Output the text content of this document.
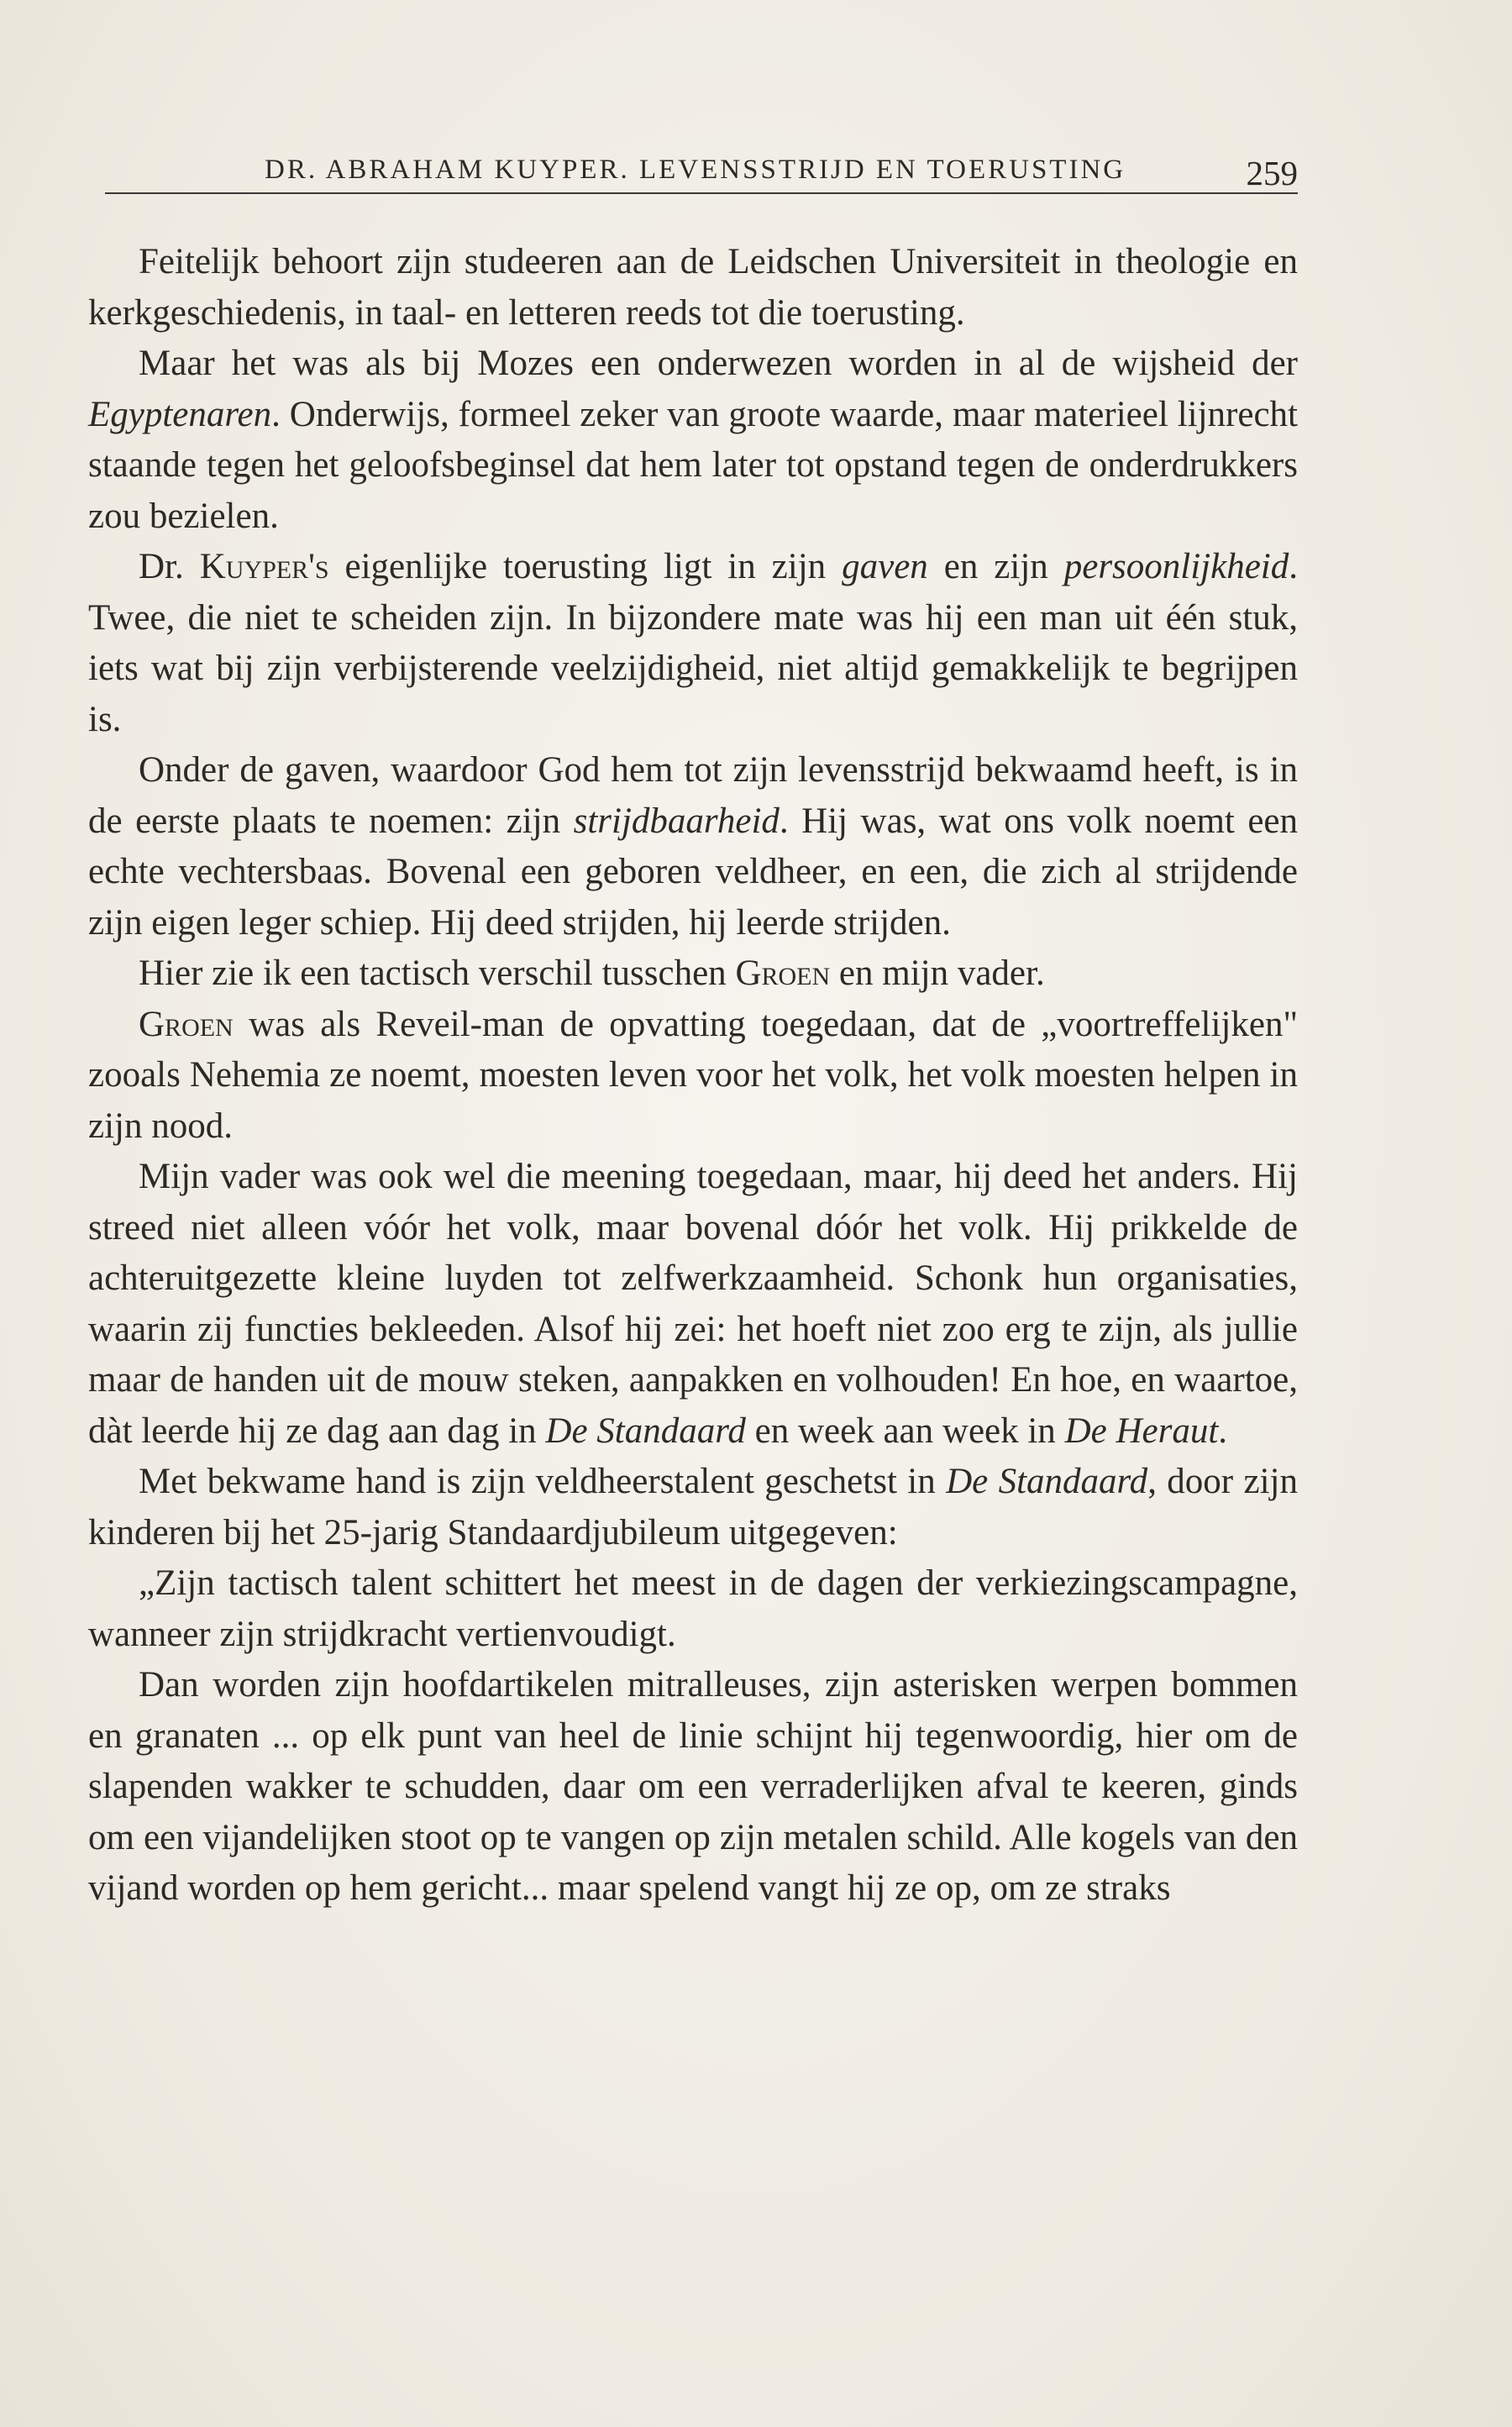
DR. ABRAHAM KUYPER. LEVENSSTRIJD EN TOERUSTING	259

Feitelijk behoort zijn studeeren aan de Leidschen Universiteit in theologie en kerkgeschiedenis, in taal- en letteren reeds tot die toerusting.

Maar het was als bij Mozes een onderwezen worden in al de wijsheid der Egyptenaren. Onderwijs, formeel zeker van groote waarde, maar materieel lijnrecht staande tegen het geloofsbeginsel dat hem later tot opstand tegen de onderdrukkers zou bezielen.

Dr. Kuyper's eigenlijke toerusting ligt in zijn gaven en zijn persoonlijkheid. Twee, die niet te scheiden zijn. In bijzondere mate was hij een man uit één stuk, iets wat bij zijn verbijsterende veelzijdigheid, niet altijd gemakkelijk te begrijpen is.

Onder de gaven, waardoor God hem tot zijn levensstrijd bekwaamd heeft, is in de eerste plaats te noemen: zijn strijdbaarheid. Hij was, wat ons volk noemt een echte vechtersbaas. Bovenal een geboren veldheer, en een, die zich al strijdende zijn eigen leger schiep. Hij deed strijden, hij leerde strijden.

Hier zie ik een tactisch verschil tusschen Groen en mijn vader.

Groen was als Reveil-man de opvatting toegedaan, dat de „voortreffelijken" zooals Nehemia ze noemt, moesten leven voor het volk, het volk moesten helpen in zijn nood.

Mijn vader was ook wel die meening toegedaan, maar, hij deed het anders. Hij streed niet alleen vóór het volk, maar bovenal dóór het volk. Hij prikkelde de achteruitgezette kleine luyden tot zelfwerkzaamheid. Schonk hun organisaties, waarin zij functies bekleeden. Alsof hij zei: het hoeft niet zoo erg te zijn, als jullie maar de handen uit de mouw steken, aanpakken en volhouden! En hoe, en waartoe, dàt leerde hij ze dag aan dag in De Standaard en week aan week in De Heraut.

Met bekwame hand is zijn veldheerstalent geschetst in De Standaard, door zijn kinderen bij het 25-jarig Standaardjubileum uitgegeven:

„Zijn tactisch talent schittert het meest in de dagen der verkiezingscampagne, wanneer zijn strijdkracht vertienvoudigt.

Dan worden zijn hoofdartikelen mitralleuses, zijn asterisken werpen bommen en granaten ... op elk punt van heel de linie schijnt hij tegenwoordig, hier om de slapenden wakker te schudden, daar om een verraderlijken afval te keeren, ginds om een vijandelijken stoot op te vangen op zijn metalen schild. Alle kogels van den vijand worden op hem gericht... maar spelend vangt hij ze op, om ze straks
